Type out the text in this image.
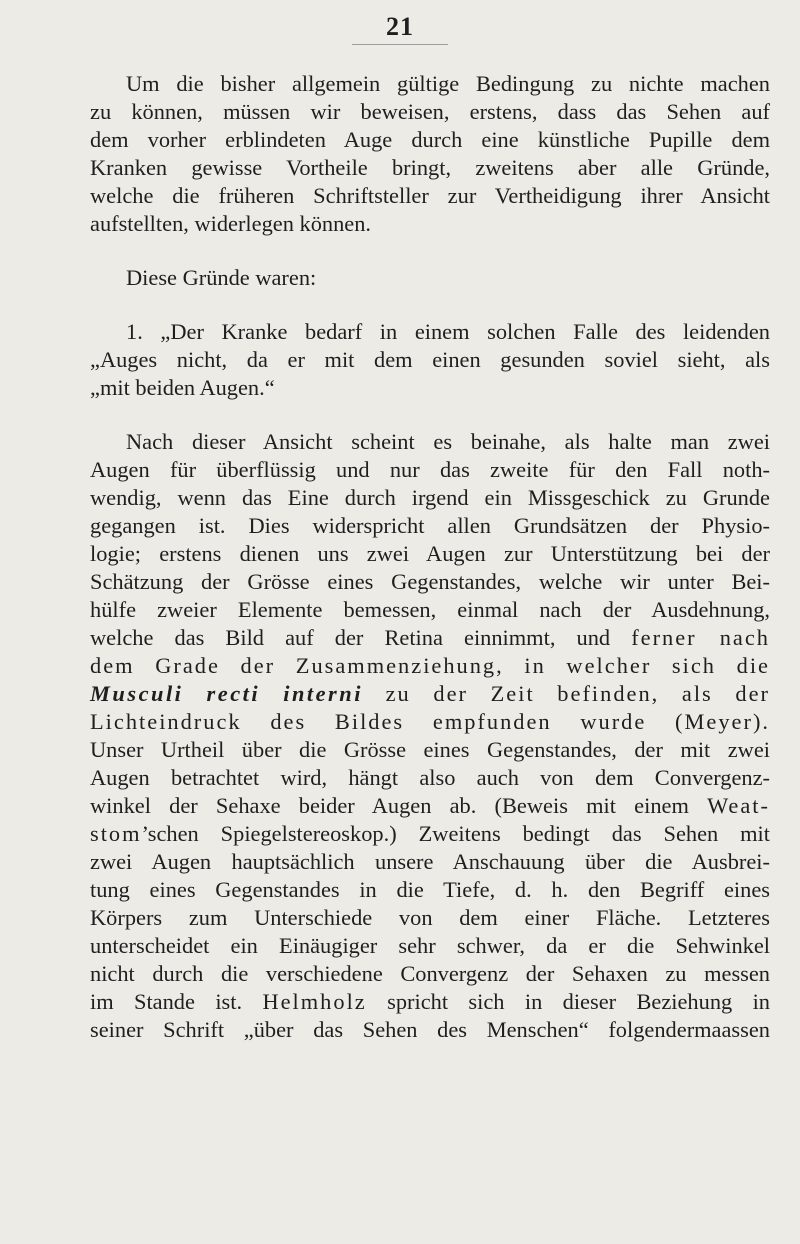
21
Um die bisher allgemein gültige Bedingung zu nichte machen
zu können, müssen wir beweisen, erstens, dass das Sehen auf
dem vorher erblindeten Auge durch eine künstliche Pupille dem
Kranken gewisse Vortheile bringt, zweitens aber alle Gründe,
welche die früheren Schriftsteller zur Vertheidigung ihrer Ansicht
aufstellten, widerlegen können.
Diese Gründe waren:
1. „Der Kranke bedarf in einem solchen Falle des leidenden
„Auges nicht, da er mit dem einen gesunden soviel sieht, als
„mit beiden Augen.“
Nach dieser Ansicht scheint es beinahe, als halte man zwei
Augen für überflüssig und nur das zweite für den Fall noth-
wendig, wenn das Eine durch irgend ein Missgeschick zu Grunde
gegangen ist. Dies widerspricht allen Grundsätzen der Physio-
logie; erstens dienen uns zwei Augen zur Unterstützung bei der
Schätzung der Grösse eines Gegenstandes, welche wir unter Bei-
hülfe zweier Elemente bemessen, einmal nach der Ausdehnung,
welche das Bild auf der Retina einnimmt, und ferner nach
dem Grade der Zusammenziehung, in welcher sich die
Musculi recti interni zu der Zeit befinden, als der
Lichteindruck des Bildes empfunden wurde (Meyer).
Unser Urtheil über die Grösse eines Gegenstandes, der mit zwei
Augen betrachtet wird, hängt also auch von dem Convergenz-
winkel der Sehaxe beider Augen ab. (Beweis mit einem Weat-
stom’schen Spiegelstereoskop.) Zweitens bedingt das Sehen mit
zwei Augen hauptsächlich unsere Anschauung über die Ausbrei-
tung eines Gegenstandes in die Tiefe, d. h. den Begriff eines
Körpers zum Unterschiede von dem einer Fläche. Letzteres
unterscheidet ein Einäugiger sehr schwer, da er die Sehwinkel
nicht durch die verschiedene Convergenz der Sehaxen zu messen
im Stande ist. Helmholz spricht sich in dieser Beziehung in
seiner Schrift „über das Sehen des Menschen“ folgendermaassen
